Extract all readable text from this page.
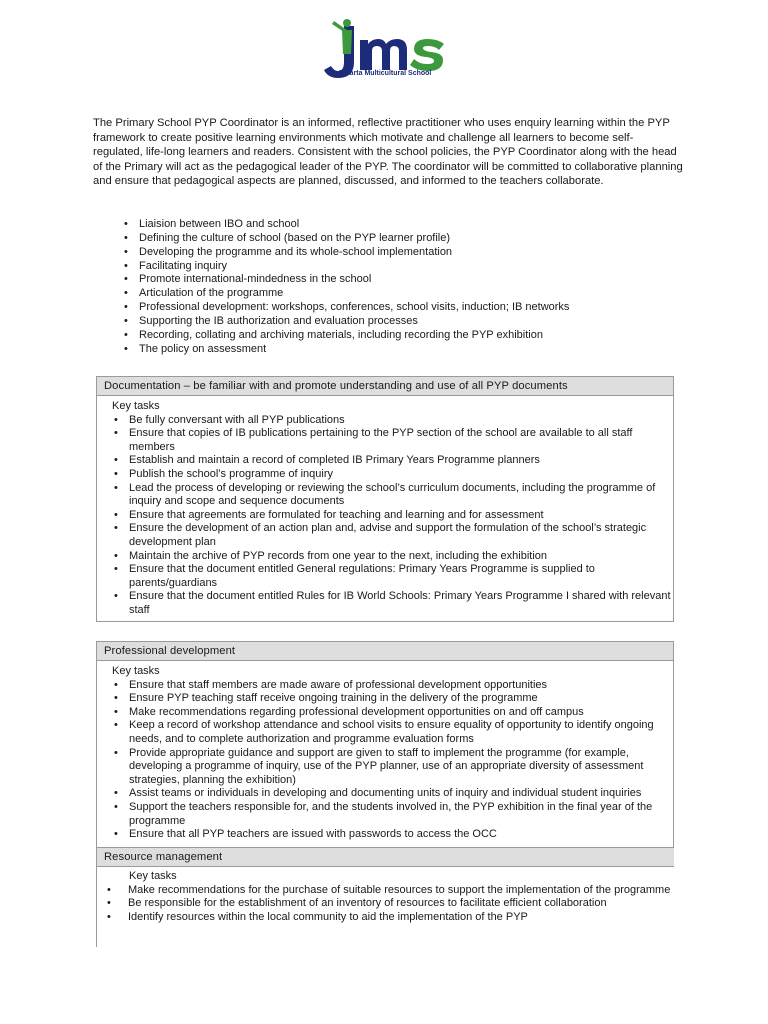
Jakarta Multicultural School

The Primary School PYP Coordinator is an informed, reflective practitioner who uses enquiry learning within the PYP framework to create positive learning environments which motivate and challenge all learners to become self-regulated, life-long learners and readers. Consistent with the school policies, the PYP Coordinator along with the head of the Primary will act as the pedagogical leader of the PYP. The coordinator will be committed to collaborative planning and ensure that pedagogical aspects are planned, discussed, and informed to the teachers collaborate.

• Liaision between IBO and school
• Defining the culture of school (based on the PYP learner profile)
• Developing the programme and its whole-school implementation
• Facilitating inquiry
• Promote international-mindedness in the school
• Articulation of the programme
• Professional development: workshops, conferences, school visits, induction; IB networks
• Supporting the IB authorization and evaluation processes
• Recording, collating and archiving materials, including recording the PYP exhibition
• The policy on assessment
Documentation – be familiar with and promote understanding and use of all PYP documents
Key tasks
• Be fully conversant with all PYP publications
• Ensure that copies of IB publications pertaining to the PYP section of the school are available to all staff members
• Establish and maintain a record of completed IB Primary Years Programme planners
• Publish the school’s programme of inquiry
• Lead the process of developing or reviewing the school’s curriculum documents, including the programme of inquiry and scope and sequence documents
• Ensure that agreements are formulated for teaching and learning and for assessment
• Ensure the development of an action plan and, advise and support the formulation of the school’s strategic development plan
• Maintain the archive of PYP records from one year to the next, including the exhibition
• Ensure that the document entitled General regulations: Primary Years Programme is supplied to parents/guardians
• Ensure that the document entitled Rules for IB World Schools: Primary Years Programme I shared with relevant staff
Professional development
Key tasks
• Ensure that staff members are made aware of professional development opportunities
• Ensure PYP teaching staff receive ongoing training in the delivery of the programme
• Make recommendations regarding professional development opportunities on and off campus
• Keep a record of workshop attendance and school visits to ensure equality of opportunity to identify ongoing needs, and to complete authorization and programme evaluation forms
• Provide appropriate guidance and support are given to staff to implement the programme (for example, developing a programme of inquiry, use of the PYP planner, use of an appropriate diversity of assessment strategies, planning the exhibition)
• Assist teams or individuals in developing and documenting units of inquiry and individual student inquiries
• Support the teachers responsible for, and the students involved in, the PYP exhibition in the final year of the programme
• Ensure that all PYP teachers are issued with passwords to access the OCC
Resource management
Key tasks
• Make recommendations for the purchase of suitable resources to support the implementation of the programme
• Be responsible for the establishment of an inventory of resources to facilitate efficient collaboration
• Identify resources within the local community to aid the implementation of the PYP
